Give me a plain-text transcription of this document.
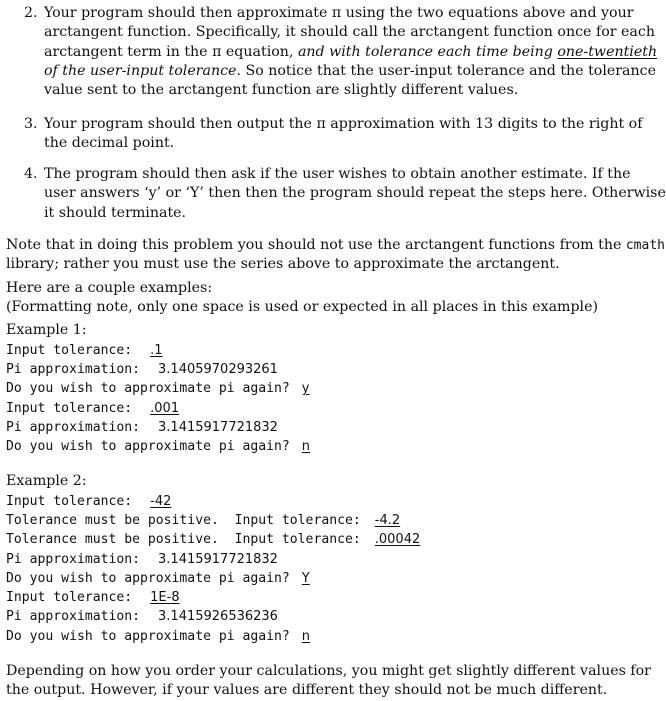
2. Your program should then approximate π using the two equations above and your
arctangent function. Specifically, it should call the arctangent function once for each
arctangent term in the π equation, and with tolerance each time being one-twentieth
of the user-input tolerance. So notice that the user-input tolerance and the tolerance
value sent to the arctangent function are slightly different values.
3. Your program should then output the π approximation with 13 digits to the right of
the decimal point.
4. The program should then ask if the user wishes to obtain another estimate. If the
user answers ‘y’ or ‘Y’ then then the program should repeat the steps here. Otherwise
it should terminate.
Note that in doing this problem you should not use the arctangent functions from the cmath
library; rather you must use the series above to approximate the arctangent.
Here are a couple examples:
(Formatting note, only one space is used or expected in all places in this example)
Example 1:
Input tolerance: .1
Pi approximation: 3.1405970293261
Do you wish to approximate pi again? y
Input tolerance: .001
Pi approximation: 3.1415917721832
Do you wish to approximate pi again? n
Example 2:
Input tolerance: -42
Tolerance must be positive.  Input tolerance: -4.2
Tolerance must be positive.  Input tolerance: .00042
Pi approximation: 3.1415917721832
Do you wish to approximate pi again? Y
Input tolerance: 1E-8
Pi approximation: 3.1415926536236
Do you wish to approximate pi again? n
Depending on how you order your calculations, you might get slightly different values for
the output. However, if your values are different they should not be much different.
